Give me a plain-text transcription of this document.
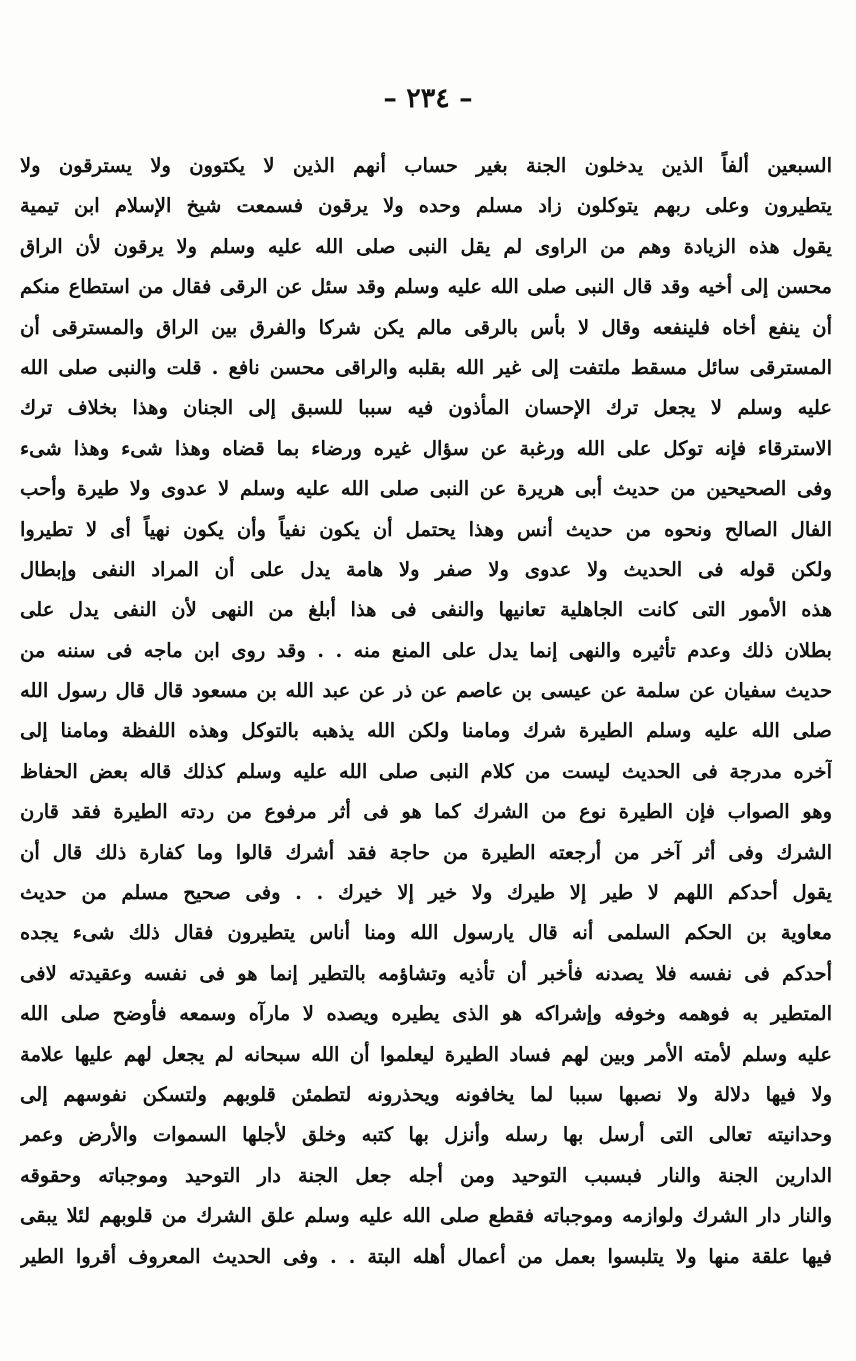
– ٢٣٤ –
السبعين ألفاً الذين يدخلون الجنة بغير حساب أنهم الذين لا يكتوون ولا يسترقون ولا
يتطيرون وعلى ربهم يتوكلون زاد مسلم وحده ولا يرقون فسمعت شيخ الإسلام ابن تيمية
يقول هذه الزيادة وهم من الراوى لم يقل النبى صلى الله عليه وسلم ولا يرقون لأن الراق
محسن إلى أخيه وقد قال النبى صلى الله عليه وسلم وقد سئل عن الرقى فقال من استطاع منكم
أن ينفع أخاه فلينفعه وقال لا بأس بالرقى مالم يكن شركا والفرق بين الراق والمسترقى أن
المسترقى سائل مسقط ملتفت إلى غير الله بقلبه والراقى محسن نافع . قلت والنبى صلى الله
عليه وسلم لا يجعل ترك الإحسان المأذون فيه سببا للسبق إلى الجنان وهذا بخلاف ترك
الاسترقاء فإنه توكل على الله ورغبة عن سؤال غيره ورضاء بما قضاه وهذا شىء وهذا شىء
وفى الصحيحين من حديث أبى هريرة عن النبى صلى الله عليه وسلم لا عدوى ولا طيرة وأحب
الفال الصالح ونحوه من حديث أنس وهذا يحتمل أن يكون نفياً وأن يكون نهياً أى لا تطيروا
ولكن قوله فى الحديث ولا عدوى ولا صفر ولا هامة يدل على أن المراد النفى وإبطال
هذه الأمور التى كانت الجاهلية تعانيها والنفى فى هذا أبلغ من النهى لأن النفى يدل على
بطلان ذلك وعدم تأثيره والنهى إنما يدل على المنع منه . . وقد روى ابن ماجه فى سننه من
حديث سفيان عن سلمة عن عيسى بن عاصم عن ذر عن عبد الله بن مسعود قال قال رسول الله
صلى الله عليه وسلم الطيرة شرك ومامنا ولكن الله يذهبه بالتوكل وهذه اللفظة ومامنا إلى
آخره مدرجة فى الحديث ليست من كلام النبى صلى الله عليه وسلم كذلك قاله بعض الحفاظ
وهو الصواب فإن الطيرة نوع من الشرك كما هو فى أثر مرفوع من ردته الطيرة فقد قارن
الشرك وفى أثر آخر من أرجعته الطيرة من حاجة فقد أشرك قالوا وما كفارة ذلك قال أن
يقول أحدكم اللهم لا طير إلا طيرك ولا خير إلا خيرك . . وفى صحيح مسلم من حديث
معاوية بن الحكم السلمى أنه قال يارسول الله ومنا أناس يتطيرون فقال ذلك شىء يجده
أحدكم فى نفسه فلا يصدنه فأخبر أن تأذيه وتشاؤمه بالتطير إنما هو فى نفسه وعقيدته لافى
المتطير به فوهمه وخوفه وإشراكه هو الذى يطيره ويصده لا مارآه وسمعه فأوضح صلى الله
عليه وسلم لأمته الأمر وبين لهم فساد الطيرة ليعلموا أن الله سبحانه لم يجعل لهم عليها علامة
ولا فيها دلالة ولا نصبها سببا لما يخافونه ويحذرونه لتطمئن قلوبهم ولتسكن نفوسهم إلى
وحدانيته تعالى التى أرسل بها رسله وأنزل بها كتبه وخلق لأجلها السموات والأرض وعمر
الدارين الجنة والنار فبسبب التوحيد ومن أجله جعل الجنة دار التوحيد وموجباته وحقوقه
والنار دار الشرك ولوازمه وموجباته فقطع صلى الله عليه وسلم علق الشرك من قلوبهم لئلا يبقى
فيها علقة منها ولا يتلبسوا بعمل من أعمال أهله البتة . . وفى الحديث المعروف أقروا الطير
